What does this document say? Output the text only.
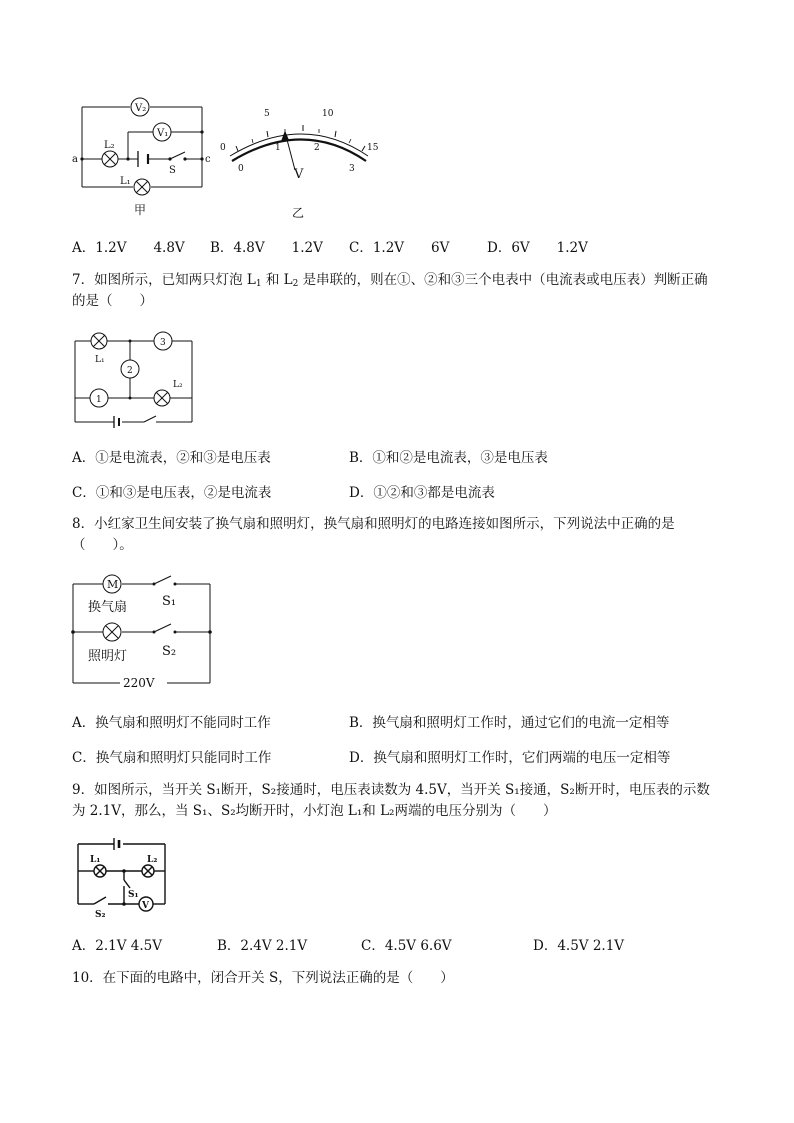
V₂
V₁
L₂
L₁
S
a	c
甲
0
5	10
15
0
1	2
3
V
乙
A．1.2V　　4.8V B．4.8V　　1.2V C．1.2V　　6V	D．6V　　1.2V
7．如图所示，已知两只灯泡 $L_1$ 和 $L_2$ 是串联的，则在①、②和③三个电表中（电流表或电压表）判断正确
的是（　　）
3
2
1
L₁
L₂
A．①是电流表，②和③是电压表	B．①和②是电流表，③是电压表
C．①和③是电压表，②是电流表	D．①②和③都是电流表
8．小红家卫生间安装了换气扇和照明灯，换气扇和照明灯的电路连接如图所示，下列说法中正确的是
（　　）。
M
换气扇	S₁
照明灯	S₂
220V
A．换气扇和照明灯不能同时工作	B．换气扇和照明灯工作时，通过它们的电流一定相等
C．换气扇和照明灯只能同时工作	D．换气扇和照明灯工作时，它们两端的电压一定相等
9．如图所示，当开关 S₁断开，S₂接通时，电压表读数为 4.5V，当开关 S₁接通，S₂断开时，电压表的示数
为 2.1V，那么，当 S₁、S₂均断开时，小灯泡 L₁和 L₂两端的电压分别为（　　）
L₁	L₂
S₁
S₂
V
A．2.1V 4.5V	B．2.4V 2.1V	C．4.5V 6.6V	D．4.5V 2.1V
10．在下面的电路中，闭合开关 S，下列说法正确的是（　　）
